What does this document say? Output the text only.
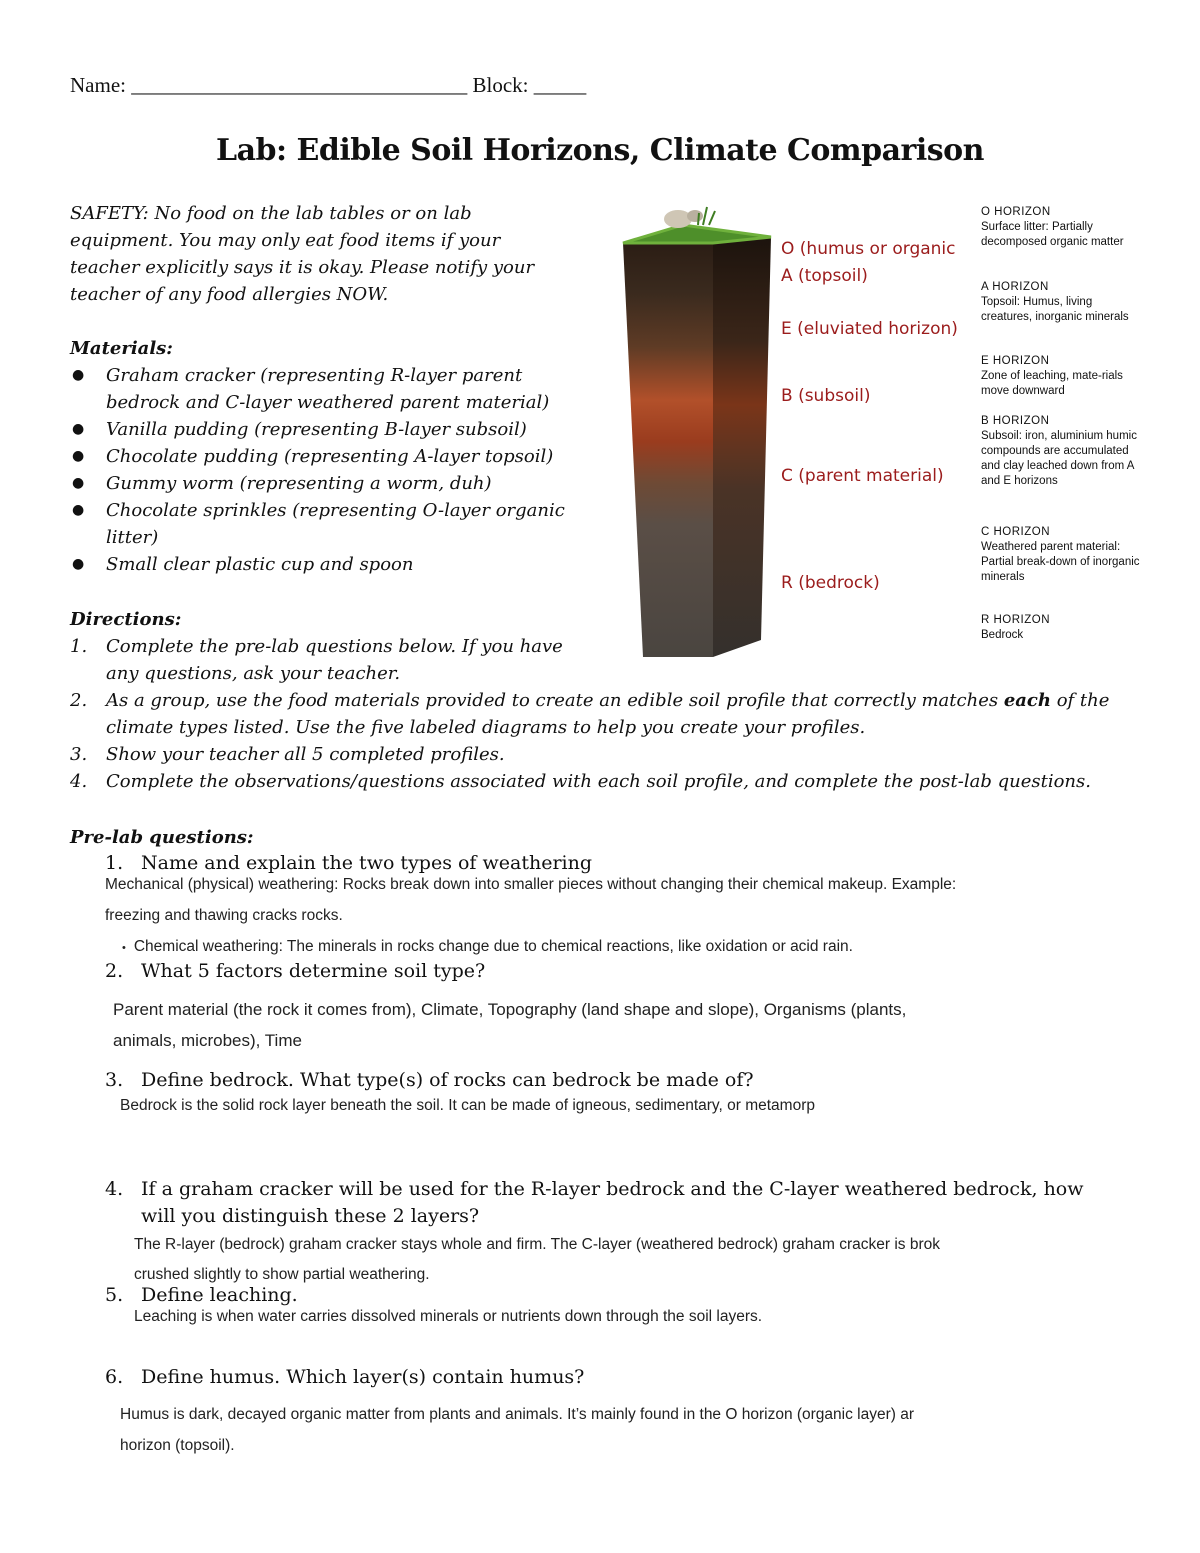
Name: ________________________________ Block: _____
Lab: Edible Soil Horizons, Climate Comparison
SAFETY: No food on the lab tables or on lab equipment. You may only eat food items if your teacher explicitly says it is okay. Please notify your teacher of any food allergies NOW.
Materials:
● Graham cracker (representing R-layer parent bedrock and C-layer weathered parent material)
● Vanilla pudding (representing B-layer subsoil)
● Chocolate pudding (representing A-layer topsoil)
● Gummy worm (representing a worm, duh)
● Chocolate sprinkles (representing O-layer organic litter)
● Small clear plastic cup and spoon
O (humus or organic
A (topsoil)
E (eluviated horizon)
B (subsoil)
C (parent material)
R (bedrock)
O HORIZON
Surface litter: Partially decomposed organic matter
A HORIZON
Topsoil: Humus, living creatures, inorganic minerals
E HORIZON
Zone of leaching, mate-rials move downward
B HORIZON
Subsoil: iron, aluminium humic compounds are accumulated and clay leached down from A and E horizons
C HORIZON
Weathered parent material: Partial break-down of inorganic minerals
R HORIZON
Bedrock
Directions:
1. Complete the pre-lab questions below. If you have any questions, ask your teacher.
2. As a group, use the food materials provided to create an edible soil profile that correctly matches each of the climate types listed. Use the five labeled diagrams to help you create your profiles.
3. Show your teacher all 5 completed profiles.
4. Complete the observations/questions associated with each soil profile, and complete the post-lab questions.
Pre-lab questions:
1. Name and explain the two types of weathering
Mechanical (physical) weathering: Rocks break down into smaller pieces without changing their chemical makeup. Example:
freezing and thawing cracks rocks.
• Chemical weathering: The minerals in rocks change due to chemical reactions, like oxidation or acid rain.
2. What 5 factors determine soil type?
Parent material (the rock it comes from), Climate, Topography (land shape and slope), Organisms (plants,
animals, microbes), Time
3. Define bedrock. What type(s) of rocks can bedrock be made of?
Bedrock is the solid rock layer beneath the soil. It can be made of igneous, sedimentary, or metamorp
4. If a graham cracker will be used for the R-layer bedrock and the C-layer weathered bedrock, how will you distinguish these 2 layers?
The R-layer (bedrock) graham cracker stays whole and firm. The C-layer (weathered bedrock) graham cracker is brok
crushed slightly to show partial weathering.
5. Define leaching.
Leaching is when water carries dissolved minerals or nutrients down through the soil layers.
6. Define humus. Which layer(s) contain humus?
Humus is dark, decayed organic matter from plants and animals. It’s mainly found in the O horizon (organic layer) ar
horizon (topsoil).
